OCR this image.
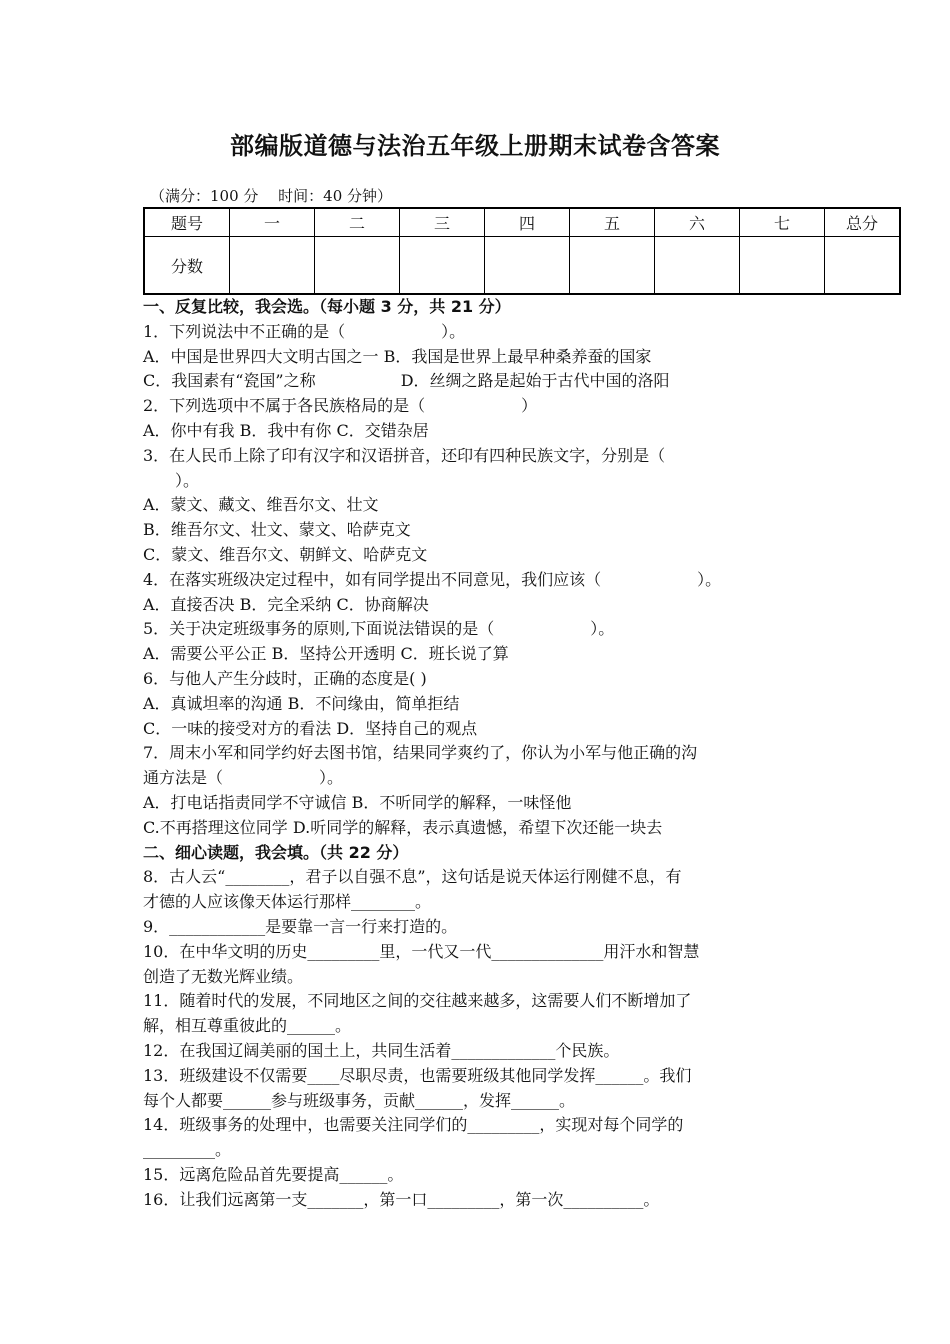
部编版道德与法治五年级上册期末试卷含答案
（满分：100 分　 时间：40 分钟）
题号	一	二	三	四	五	六	七	总分
分数								

一、反复比较，我会选。（每小题 3 分，共 21 分）

1．下列说法中不正确的是（　　　　　　）。

A．中国是世界四大文明古国之一 B．我国是世界上最早种桑养蚕的国家

C．我国素有“瓷国”之称　　　　　 D．丝绸之路是起始于古代中国的洛阳

2．下列选项中不属于各民族格局的是（　　　　　　）

A．你中有我 B．我中有你 C．交错杂居

3．在人民币上除了印有汉字和汉语拼音，还印有四种民族文字，分别是（

　　）。

A．蒙文、藏文、维吾尔文、壮文

B．维吾尔文、壮文、蒙文、哈萨克文

C．蒙文、维吾尔文、朝鲜文、哈萨克文

4．在落实班级决定过程中，如有同学提出不同意见，我们应该（　　　　　　）。

A．直接否决 B．完全采纳 C．协商解决

5．关于决定班级事务的原则,下面说法错误的是（　　　　　　）。

A．需要公平公正 B．坚持公开透明 C．班长说了算

6．与他人产生分歧时，正确的态度是( )

A．真诚坦率的沟通 B．不问缘由，简单拒结

C．一味的接受对方的看法 D．坚持自己的观点

7．周末小军和同学约好去图书馆，结果同学爽约了，你认为小军与他正确的沟

通方法是（　　　　　　）。

A．打电话指责同学不守诚信 B．不听同学的解释，一味怪他

C.不再搭理这位同学 D.听同学的解释，表示真遗憾，希望下次还能一块去

二、细心读题，我会填。（共 22 分）

8．古人云“________，君子以自强不息”，这句话是说天体运行刚健不息，有

才德的人应该像天体运行那样________。

9．____________是要靠一言一行来打造的。

10．在中华文明的历史_________里，一代又一代______________用汗水和智慧

创造了无数光辉业绩。

11．随着时代的发展，不同地区之间的交往越来越多，这需要人们不断增加了

解，相互尊重彼此的______。

12．在我国辽阔美丽的国土上，共同生活着_____________个民族。

13．班级建设不仅需要____尽职尽责，也需要班级其他同学发挥______。我们

每个人都要______参与班级事务，贡献______，发挥______。

14．班级事务的处理中，也需要关注同学们的_________，实现对每个同学的

_________。

15．远离危险品首先要提高______。

16．让我们远离第一支_______，第一口_________，第一次__________。
